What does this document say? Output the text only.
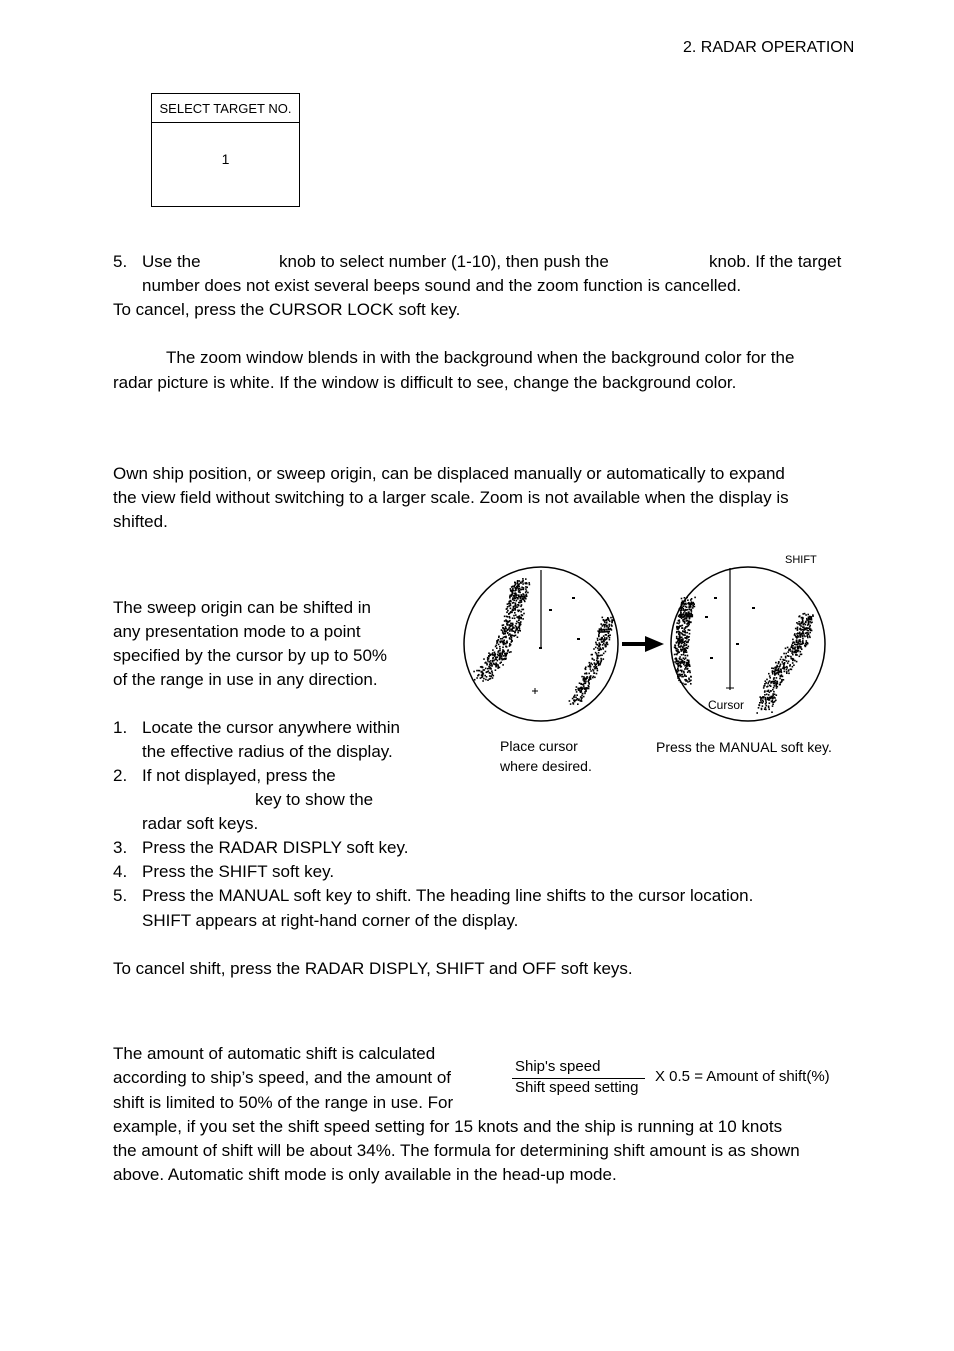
2. RADAR OPERATION
SELECT TARGET NO.
1
5. Use the	knob to select number (1-10), then push the	knob. If the target
number does not exist several beeps sound and the zoom function is cancelled.
To cancel, press the CURSOR LOCK soft key.
The zoom window blends in with the background when the background color for the
radar picture is white. If the window is difficult to see, change the background color.
Own ship position, or sweep origin, can be displaced manually or automatically to expand
the view field without switching to a larger scale. Zoom is not available when the display is
shifted.
The sweep origin can be shifted in
any presentation mode to a point
specified by the cursor by up to 50%
of the range in use in any direction.
SHIFT
Cursor
Place cursor
where desired.
Press the MANUAL soft key.
1. Locate the cursor anywhere within
the effective radius of the display.
2. If not displayed, press the
key to show the
radar soft keys.
3. Press the RADAR DISPLY soft key.
4. Press the SHIFT soft key.
5. Press the MANUAL soft key to shift. The heading line shifts to the cursor location.
SHIFT appears at right-hand corner of the display.
To cancel shift, press the RADAR DISPLY, SHIFT and OFF soft keys.
The amount of automatic shift is calculated
according to ship’s speed, and the amount of
shift is limited to 50% of the range in use. For
example, if you set the shift speed setting for 15 knots and the ship is running at 10 knots
the amount of shift will be about 34%. The formula for determining shift amount is as shown
above. Automatic shift mode is only available in the head-up mode.
Ship's speed
Shift speed setting
X 0.5 = Amount of shift(%)
